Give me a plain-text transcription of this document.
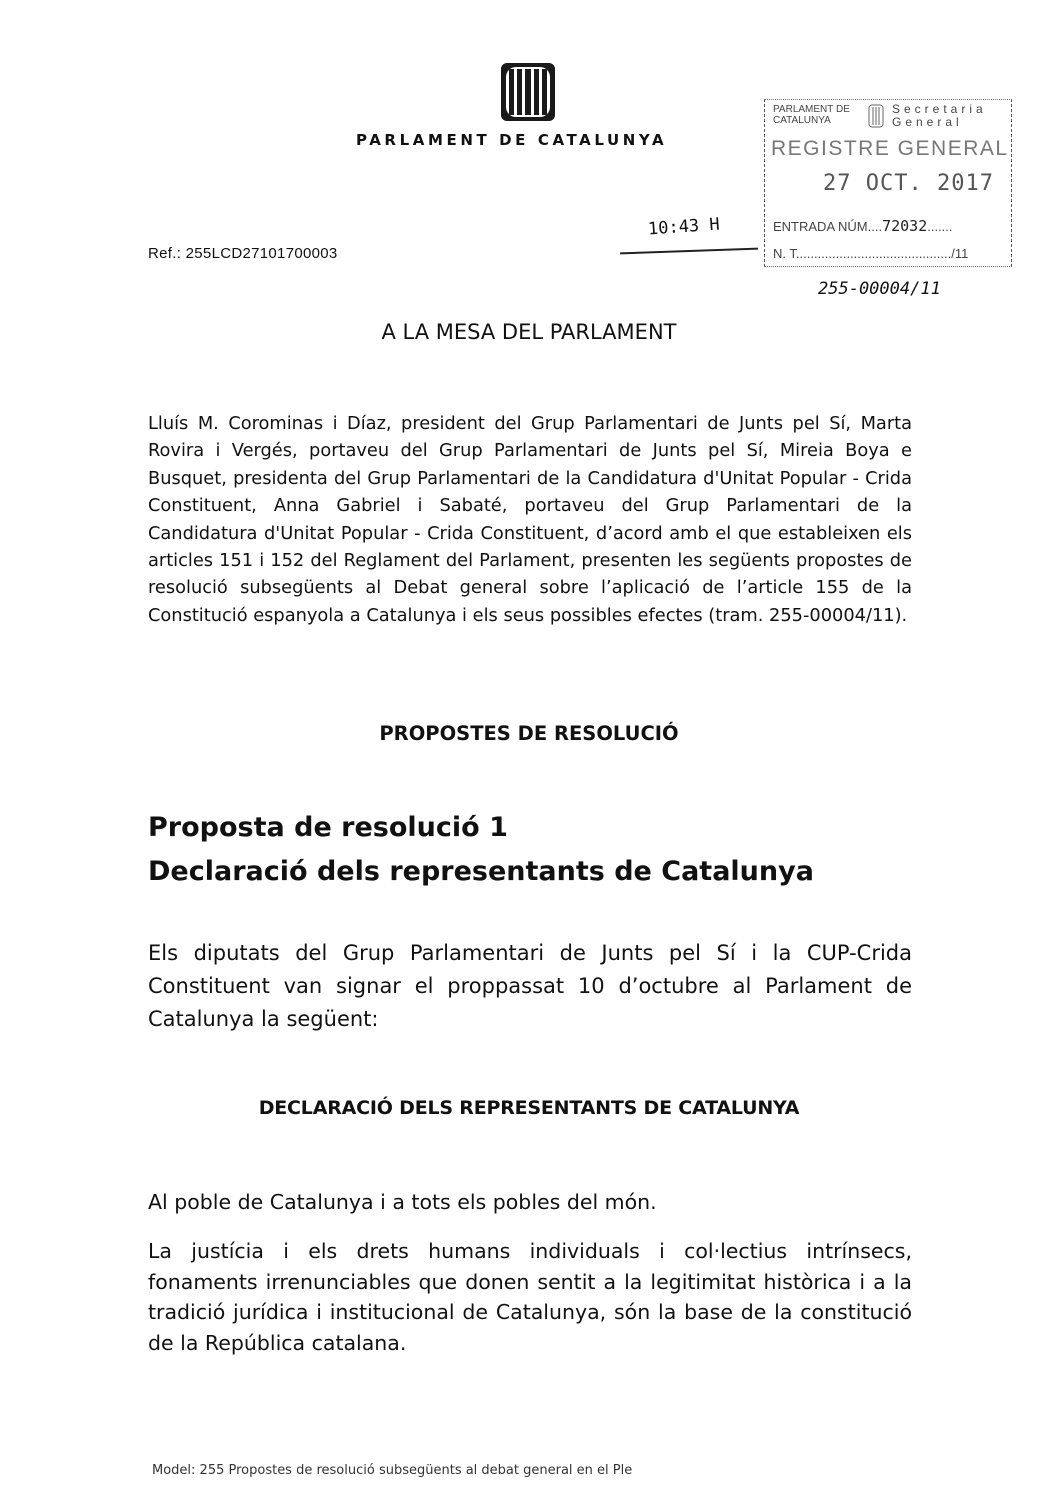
PARLAMENT DE CATALUNYA
Ref.: 255LCD27101700003
10:43 H
255-00004/11
PARLAMENT DE CATALUNYA
Secretaria General
REGISTRE GENERAL
27 OCT. 2017
ENTRADA NÚM....72032.......
N. T.........................................../11
A LA MESA DEL PARLAMENT

Lluís M. Corominas i Díaz, president del Grup Parlamentari de Junts pel Sí, Marta Rovira i Vergés, portaveu del Grup Parlamentari de Junts pel Sí, Mireia Boya e Busquet, presidenta del Grup Parlamentari de la Candidatura d'Unitat Popular - Crida Constituent, Anna Gabriel i Sabaté, portaveu del Grup Parlamentari de la Candidatura d'Unitat Popular - Crida Constituent, d’acord amb el que estableixen els articles 151 i 152 del Reglament del Parlament, presenten les següents propostes de resolució subsegüents al Debat general sobre l’aplicació de l’article 155 de la Constitució espanyola a Catalunya i els seus possibles efectes (tram. 255-00004/11).

PROPOSTES DE RESOLUCIÓ
Proposta de resolució 1
Declaració dels representants de Catalunya

Els diputats del Grup Parlamentari de Junts pel Sí i la CUP-Crida Constituent van signar el proppassat 10 d’octubre al Parlament de Catalunya la següent:

DECLARACIÓ DELS REPRESENTANTS DE CATALUNYA

Al poble de Catalunya i a tots els pobles del món.

La justícia i els drets humans individuals i col·lectius intrínsecs, fonaments irrenunciables que donen sentit a la legitimitat històrica i a la tradició jurídica i institucional de Catalunya, són la base de la constitució de la República catalana.

Model: 255 Propostes de resolució subsegüents al debat general en el Ple
